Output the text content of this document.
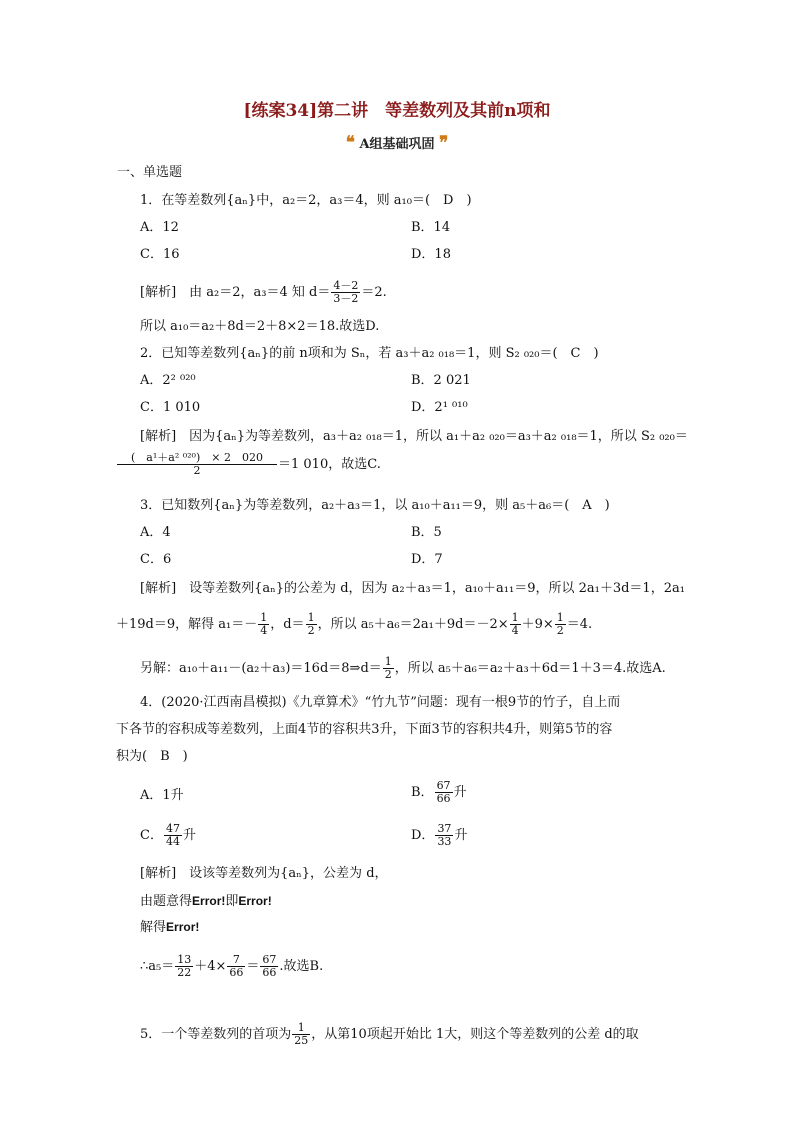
[练案34]第二讲　等差数列及其前n项和
❝ A组基础巩固 ❞
一、单选题
1．在等差数列{aₙ}中，a₂＝2，a₃＝4，则 a₁₀＝(　D　)
A．12	B．14
C．16	D．18
[解析]　由 a₂＝2，a₃＝4 知 $d= \frac{4-2}{3-2} =2$.
所以 a₁₀＝a₂＋8d＝2＋8×2＝18.故选D.
2．已知等差数列{aₙ}的前 n项和为 Sₙ，若 a₃＋a₂ ₀₁₈＝1，则 S₂ ₀₂₀＝(　C　)
A．2² ⁰²⁰	B．2 021
C．1 010	D．2¹ ⁰¹⁰
[解析]　因为{aₙ}为等差数列，a₃＋a₂ ₀₁₈＝1，所以 a₁＋a₂ ₀₂₀＝a₃＋a₂ ₀₁₈＝1，所以 S₂ ₀₂₀＝
$\frac{\text{(　a¹＋a² ⁰²⁰)　× 2　020}}{2} =1$ 010，故选C.
3．已知数列{aₙ}为等差数列，a₂＋a₃＝1，以 a₁₀＋a₁₁＝9，则 a₅＋a₆＝(　A　)
A．4	B．5
C．6	D．7
[解析]　设等差数列{aₙ}的公差为 d，因为 a₂＋a₃＝1，a₁₀＋a₁₁＝9，所以 2a₁＋3d＝1，2a₁
＋19d＝9，解得 $a_1=- \frac{1}{4}$ ，$d= \frac{1}{2}$ ，所以 $a_5+a_6=2a_1+9d=-2\times \frac{1}{4} +9\times \frac{1}{2} =4$.
另解：a₁₀＋a₁₁－(a₂＋a₃)＝16d＝8⇒d＝ $\frac{1}{2}$ ，所以 a₅＋a₆＝a₂＋a₃＋6d＝1＋3＝4.故选A.
4．(2020·江西南昌模拟)《九章算术》“竹九节”问题：现有一根9节的竹子，自上而
下各节的容积成等差数列，上面4节的容积共3升，下面3节的容积共4升，则第5节的容
积为(　B　)
A．1升	B． $\frac{67}{66}$ 升
C． $\frac{47}{44}$ 升	D． $\frac{37}{33}$ 升
[解析]　设该等差数列为{aₙ}，公差为 d，
由题意得Error!即Error!
解得Error!
∴a₅＝ $\frac{13}{22} +4\times \frac{7}{66} = \frac{67}{66}$ .故选B.
5．一个等差数列的首项为 $\frac{1}{25}$ ，从第10项起开始比 1大，则这个等差数列的公差 d的取
